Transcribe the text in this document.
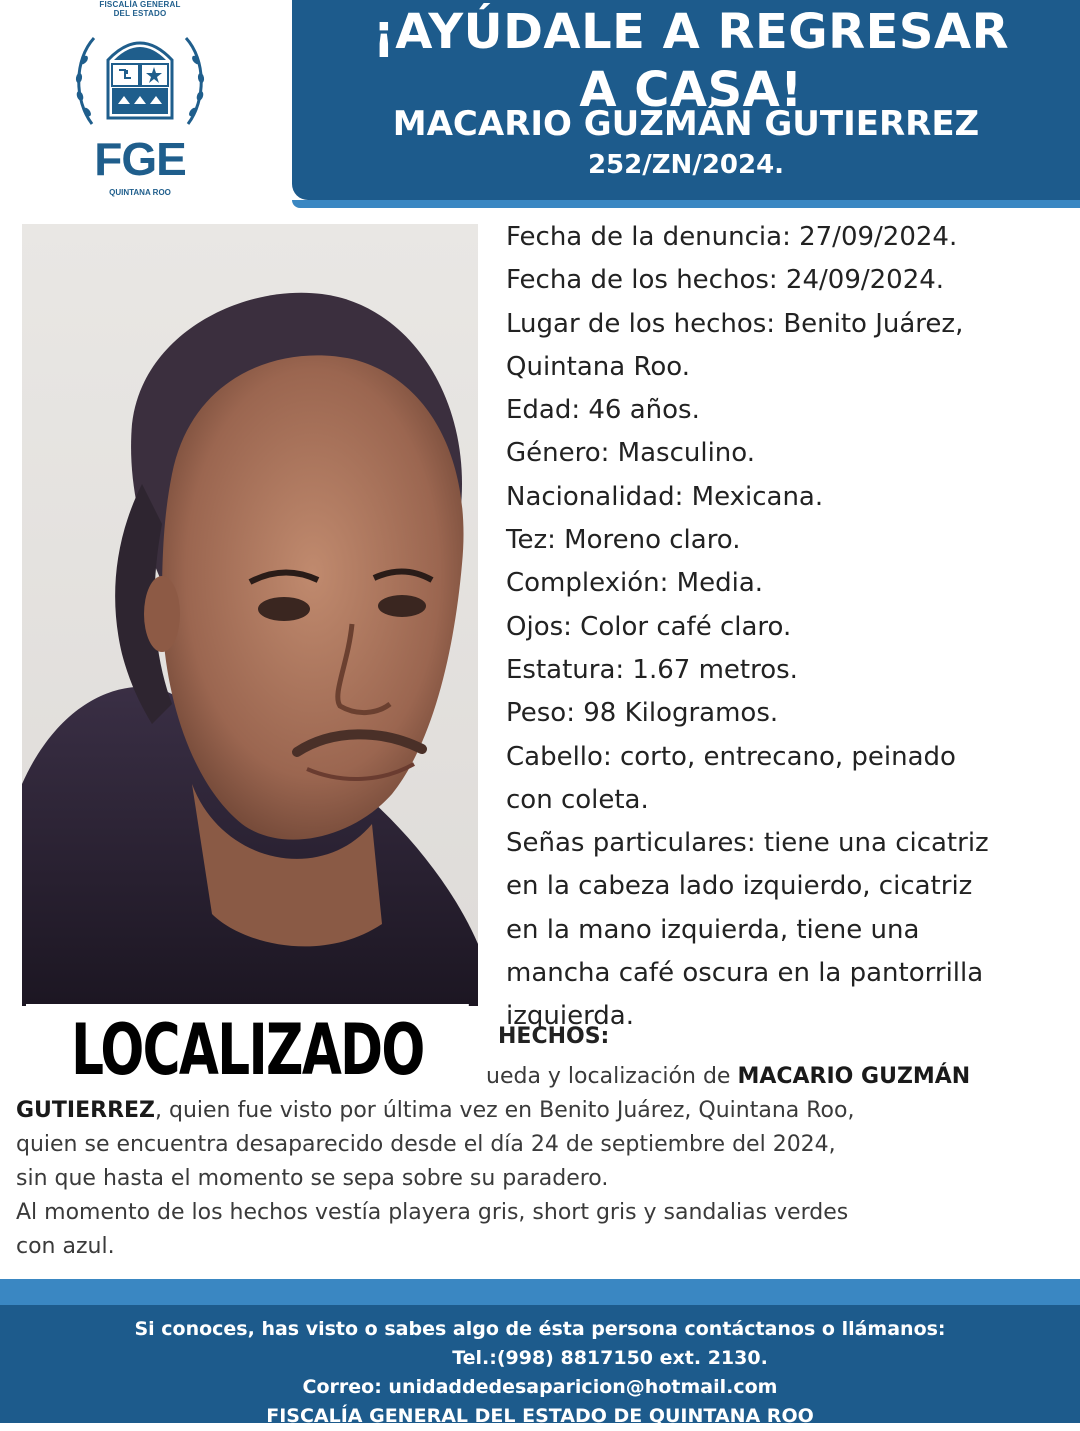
FISCALÍA GENERAL
DEL ESTADO
FGE
QUINTANA ROO
¡AYÚDALE A REGRESAR
A CASA!
MACARIO GUZMÁN GUTIERREZ
252/ZN/2024.
Fecha de la denuncia: 27/09/2024.
Fecha de los hechos: 24/09/2024.
Lugar de los hechos: Benito Juárez,
Quintana Roo.
Edad: 46 años.
Género: Masculino.
Nacionalidad: Mexicana.
Tez: Moreno claro.
Complexión: Media.
Ojos: Color café claro.
Estatura: 1.67 metros.
Peso: 98 Kilogramos.
Cabello: corto, entrecano, peinado
con coleta.
Señas particulares: tiene una cicatriz
en la cabeza lado izquierdo, cicatriz
en la mano izquierda, tiene una
mancha café oscura en la pantorrilla
izquierda.
LOCALIZADO	HECHOS:
ueda y localización de MACARIO GUZMÁN
GUTIERREZ, quien fue visto por última vez en Benito Juárez, Quintana Roo,
quien se encuentra desaparecido desde el día 24 de septiembre del 2024,
sin que hasta el momento se sepa sobre su paradero.
Al momento de los hechos vestía playera gris, short gris y sandalias verdes
con azul.
Si conoces, has visto o sabes algo de ésta persona contáctanos o llámanos:
Tel.:(998) 8817150 ext. 2130.
Correo: unidaddedesaparicion@hotmail.com
FISCALÍA GENERAL DEL ESTADO DE QUINTANA ROO
